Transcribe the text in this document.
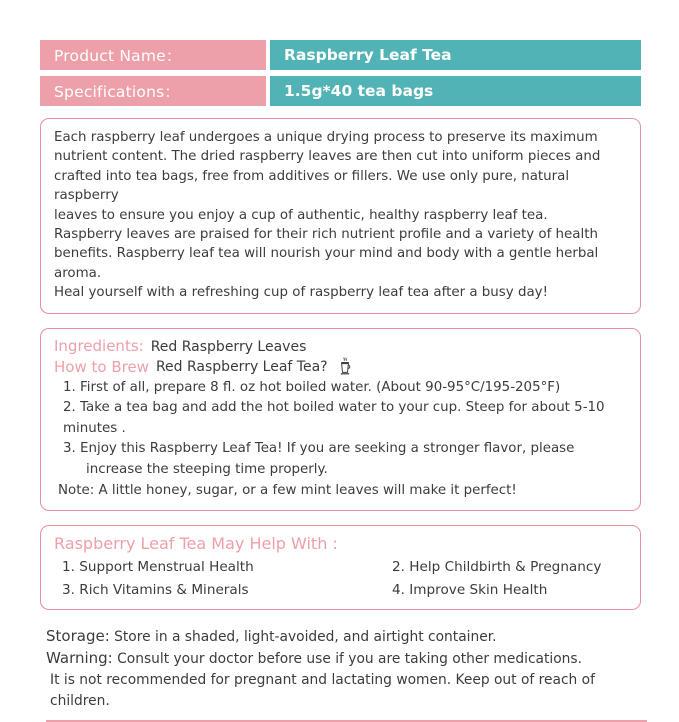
Product Name：	Raspberry Leaf Tea
Specifications：	1.5g*40 tea bags
Each raspberry leaf undergoes a unique drying process to preserve its maximum
nutrient content. The dried raspberry leaves are then cut into uniform pieces and
crafted into tea bags, free from additives or fillers. We use only pure, natural raspberry
leaves to ensure you enjoy a cup of authentic, healthy raspberry leaf tea.
Raspberry leaves are praised for their rich nutrient profile and a variety of health
benefits. Raspberry leaf tea will nourish your mind and body with a gentle herbal aroma.
Heal yourself with a refreshing cup of raspberry leaf tea after a busy day!
Ingredients: Red Raspberry Leaves
How to Brew Red Raspberry Leaf Tea?
1. First of all, prepare 8 fl. oz hot boiled water. (About 90-95°C/195-205°F)
2. Take a tea bag and add the hot boiled water to your cup. Steep for about 5-10 minutes .
3. Enjoy this Raspberry Leaf Tea! If you are seeking a stronger flavor, please
increase the steeping time properly.
Note: A little honey, sugar, or a few mint leaves will make it perfect!
Raspberry Leaf Tea May Help With :
1. Support Menstrual Health	2. Help Childbirth & Pregnancy
3. Rich Vitamins & Minerals	4. Improve Skin Health
Storage: Store in a shaded, light-avoided, and airtight container.
Warning: Consult your doctor before use if you are taking other medications.
It is not recommended for pregnant and lactating women. Keep out of reach of children.
